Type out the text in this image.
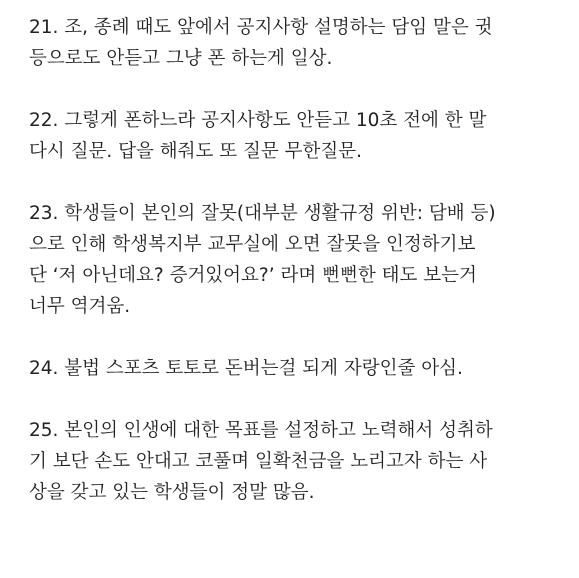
21. 조, 종례 때도 앞에서 공지사항 설명하는 담임 말은 귓
등으로도 안듣고 그냥 폰 하는게 일상.
22. 그렇게 폰하느라 공지사항도 안듣고 10초 전에 한 말
다시 질문. 답을 해줘도 또 질문 무한질문.
23. 학생들이 본인의 잘못(대부분 생활규정 위반: 담배 등)
으로 인해 학생복지부 교무실에 오면 잘못을 인정하기보
단 ‘저 아닌데요? 증거있어요?’ 라며 뻔뻔한 태도 보는거
너무 역겨움.
24. 불법 스포츠 토토로 돈버는걸 되게 자랑인줄 아심.
25. 본인의 인생에 대한 목표를 설정하고 노력해서 성취하
기 보단 손도 안대고 코풀며 일확천금을 노리고자 하는 사
상을 갖고 있는 학생들이 정말 많음.
